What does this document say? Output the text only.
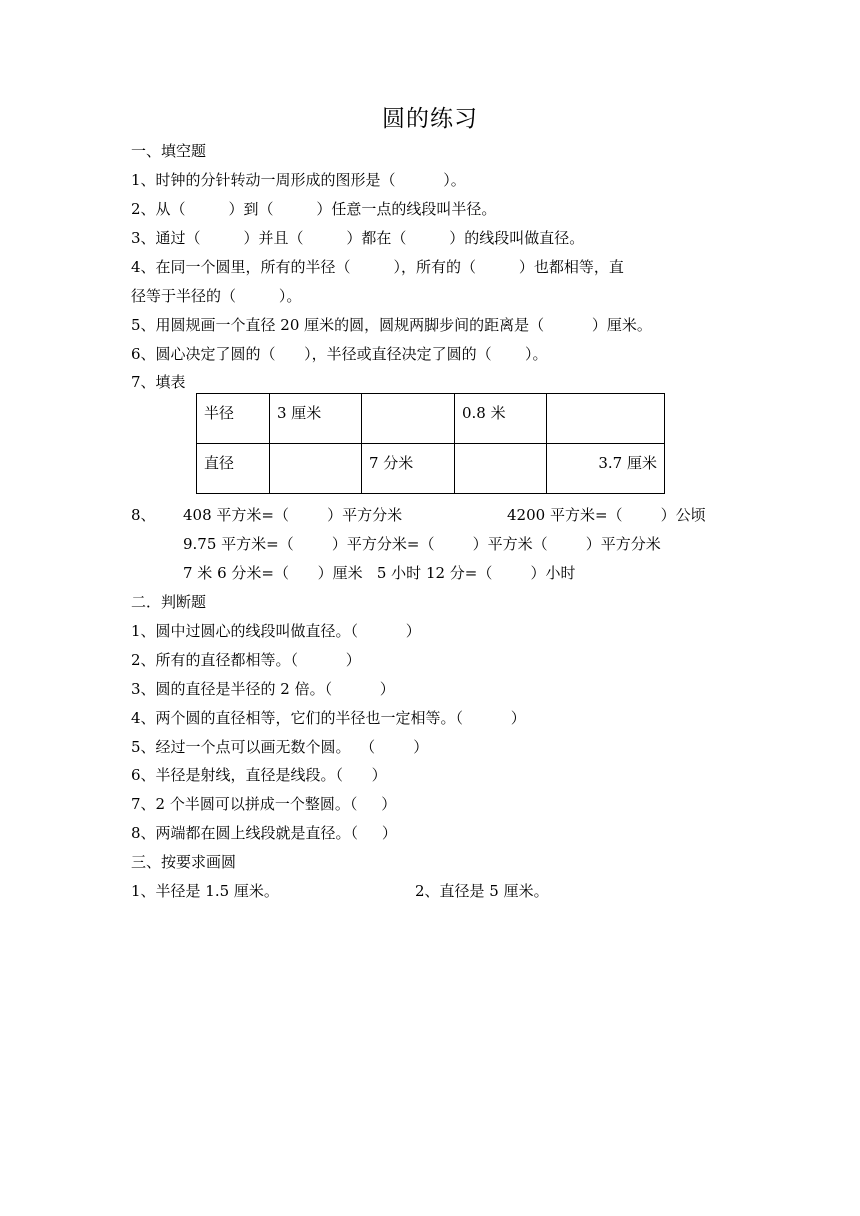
圆的练习
一、填空题
1、时钟的分针转动一周形成的图形是（          ）。
2、从（         ）到（         ）任意一点的线段叫半径。
3、通过（         ）并且（         ）都在（         ）的线段叫做直径。
4、在同一个圆里，所有的半径（         ），所有的（         ）也都相等，直
径等于半径的（         ）。
5、用圆规画一个直径 20 厘米的圆，圆规两脚步间的距离是（          ）厘米。
6、圆心决定了圆的（      ），半径或直径决定了圆的（       ）。
7、填表
半径	3 厘米		0.8 米	
直径		7 分米		3.7 厘米
8、 408 平方米=（        ）平方分米	4200 平方米=（        ）公顷
9.75 平方米=（        ）平方分米=（        ）平方米（        ）平方分米
7 米 6 分米=（      ）厘米   5 小时 12 分=（        ）小时
二．判断题
1、圆中过圆心的线段叫做直径。（          ）
2、所有的直径都相等。（          ）
3、圆的直径是半径的 2 倍。（          ）
4、两个圆的直径相等，它们的半径也一定相等。（          ）
5、经过一个点可以画无数个圆。  （        ）
6、半径是射线，直径是线段。（      ）
7、2 个半圆可以拼成一个整圆。（     ）
8、两端都在圆上线段就是直径。（     ）
三、按要求画圆
1、半径是 1.5 厘米。	2、直径是 5 厘米。
